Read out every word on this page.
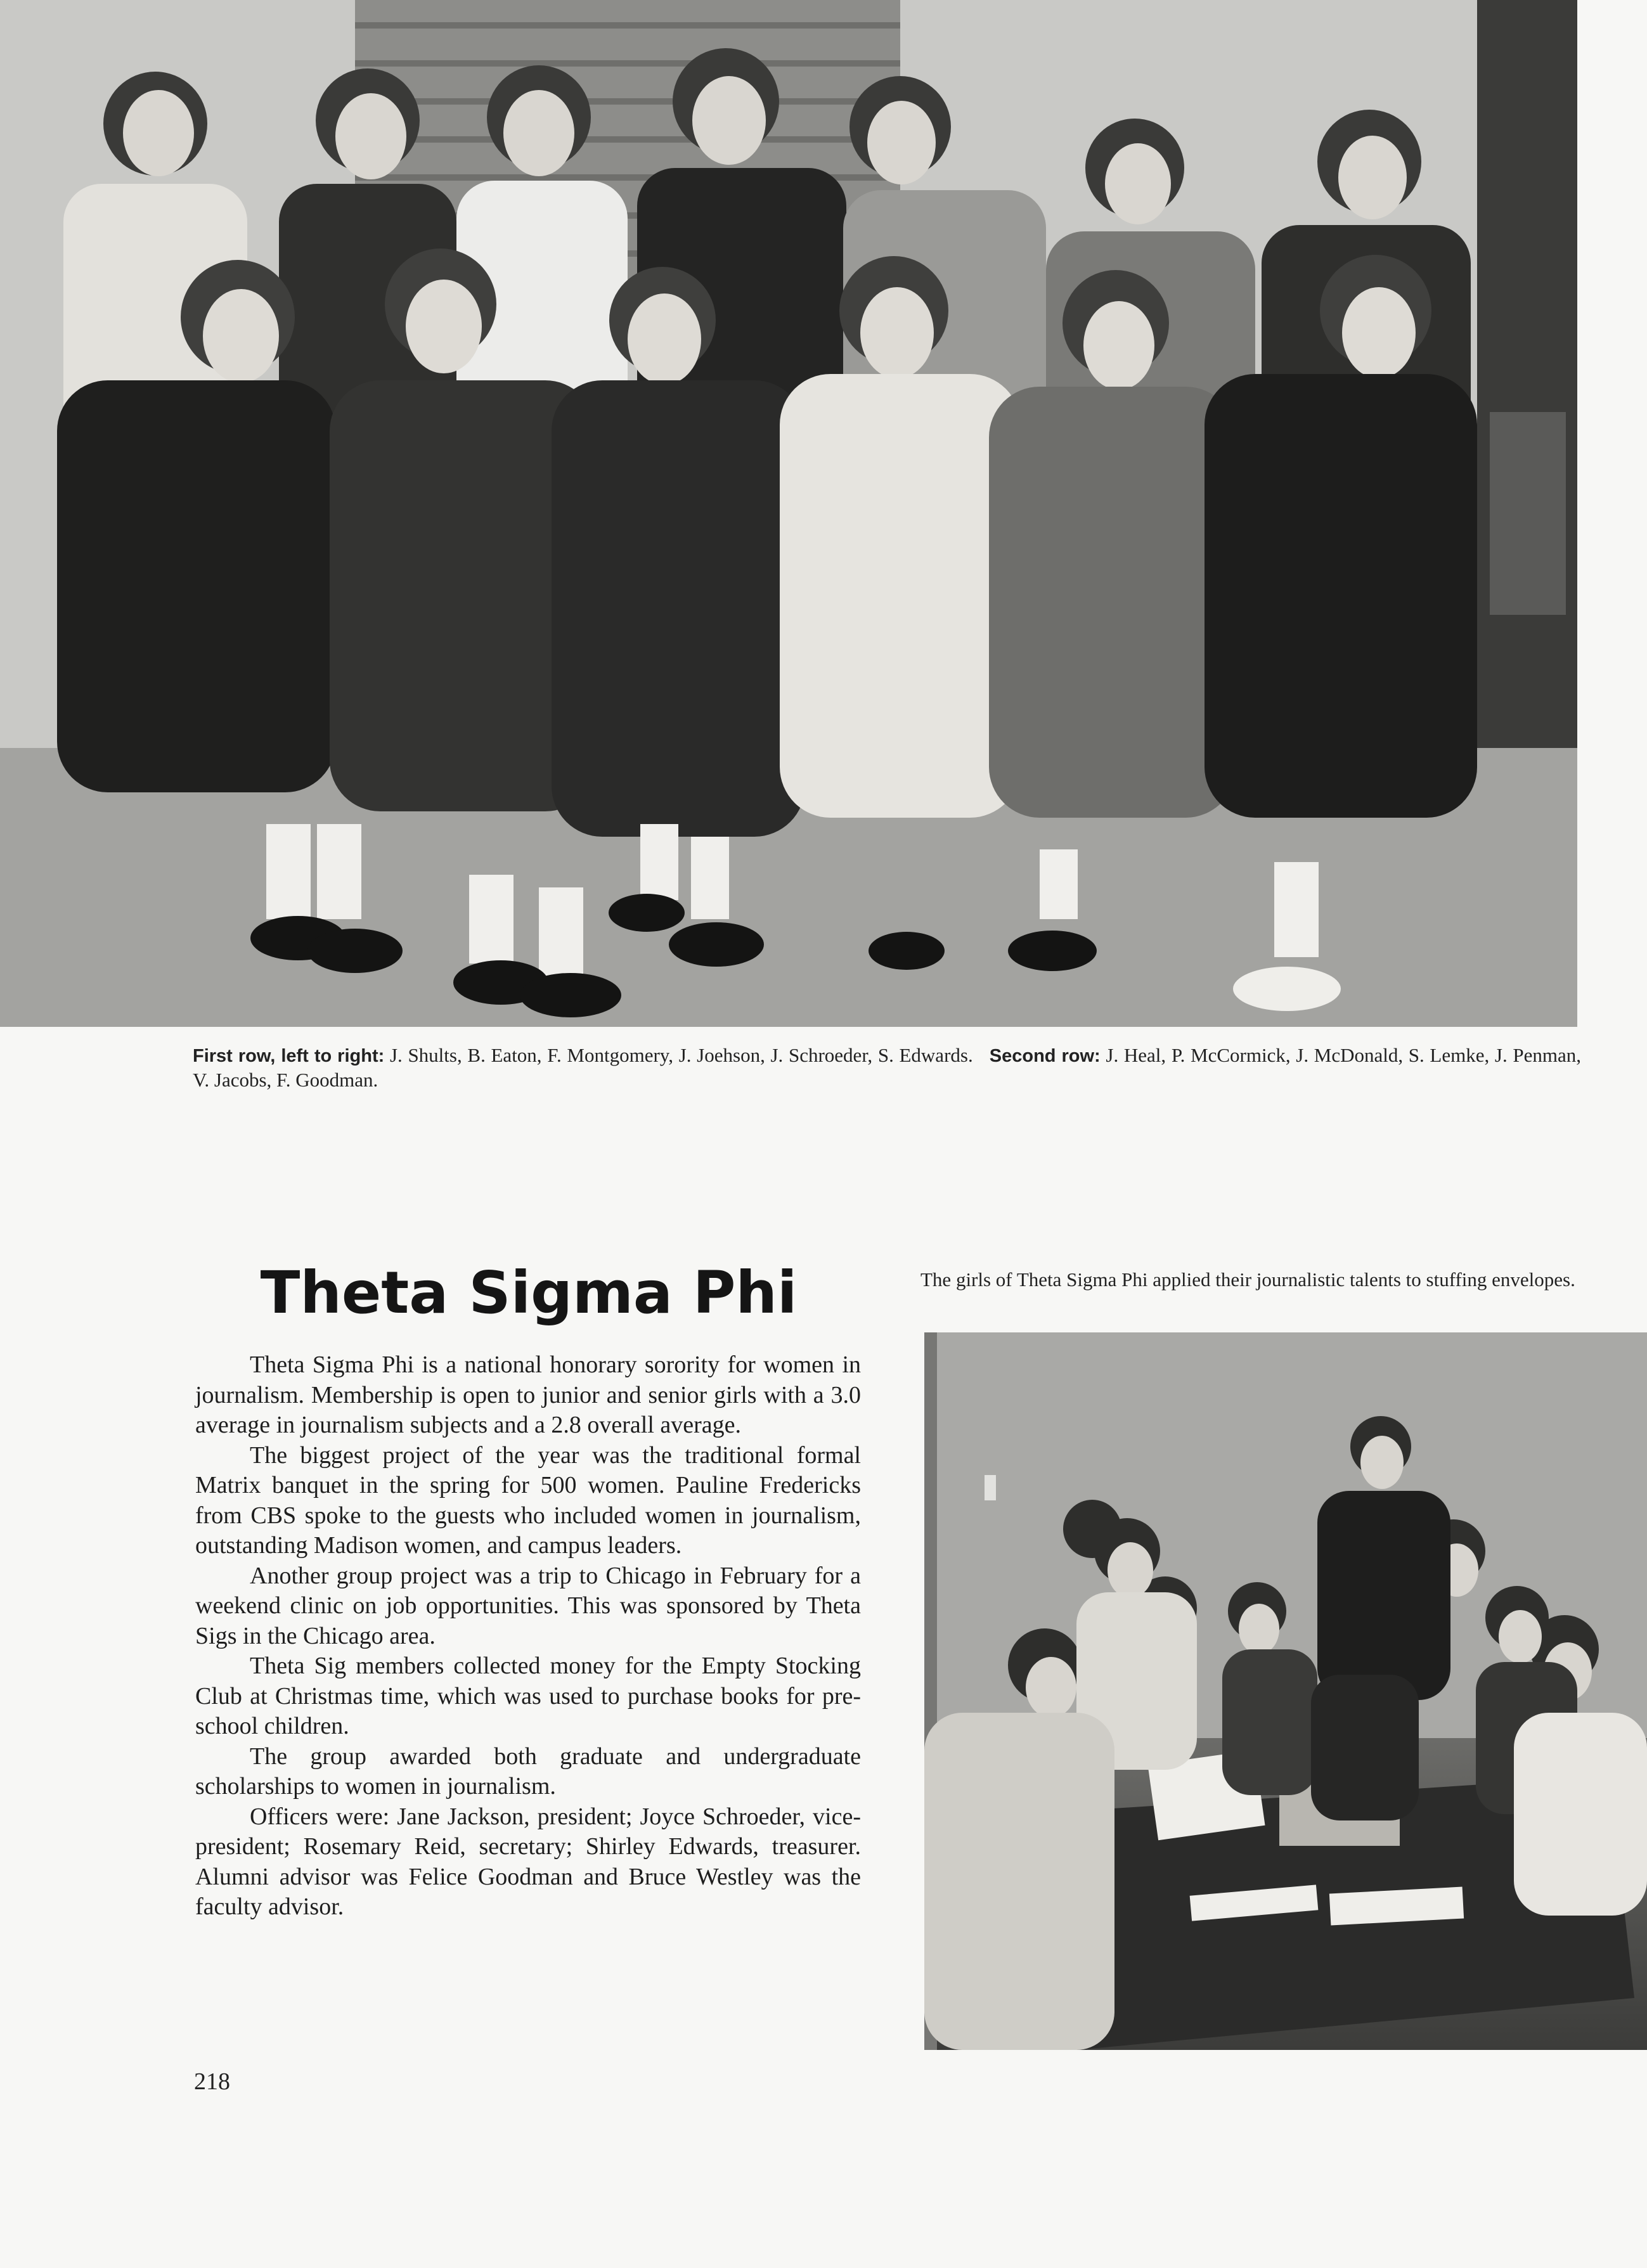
First row, left to right: J. Shults, B. Eaton, F. Montgomery, J. Joehson, J. Schroeder, S. Edwards. Second row: J. Heal, P. McCormick, J. McDonald, S. Lemke, J. Penman, V. Jacobs, F. Goodman.
Theta Sigma Phi	The girls of Theta Sigma Phi applied their journalistic talents to stuffing envelopes.

Theta Sigma Phi is a national honorary sorority for women in journalism. Membership is open to junior and senior girls with a 3.0 average in journalism subjects and a 2.8 overall average.

The biggest project of the year was the traditional formal Matrix banquet in the spring for 500 women. Pauline Fredericks from CBS spoke to the guests who included women in journalism, outstanding Madison women, and campus leaders.

Another group project was a trip to Chicago in February for a weekend clinic on job opportunities. This was sponsored by Theta Sigs in the Chicago area.

Theta Sig members collected money for the Empty Stocking Club at Christmas time, which was used to purchase books for pre-school children.

The group awarded both graduate and undergraduate scholarships to women in journalism.

Officers were: Jane Jackson, president; Joyce Schroeder, vice-president; Rosemary Reid, secretary; Shirley Edwards, treasurer. Alumni advisor was Felice Goodman and Bruce Westley was the faculty advisor.

218
